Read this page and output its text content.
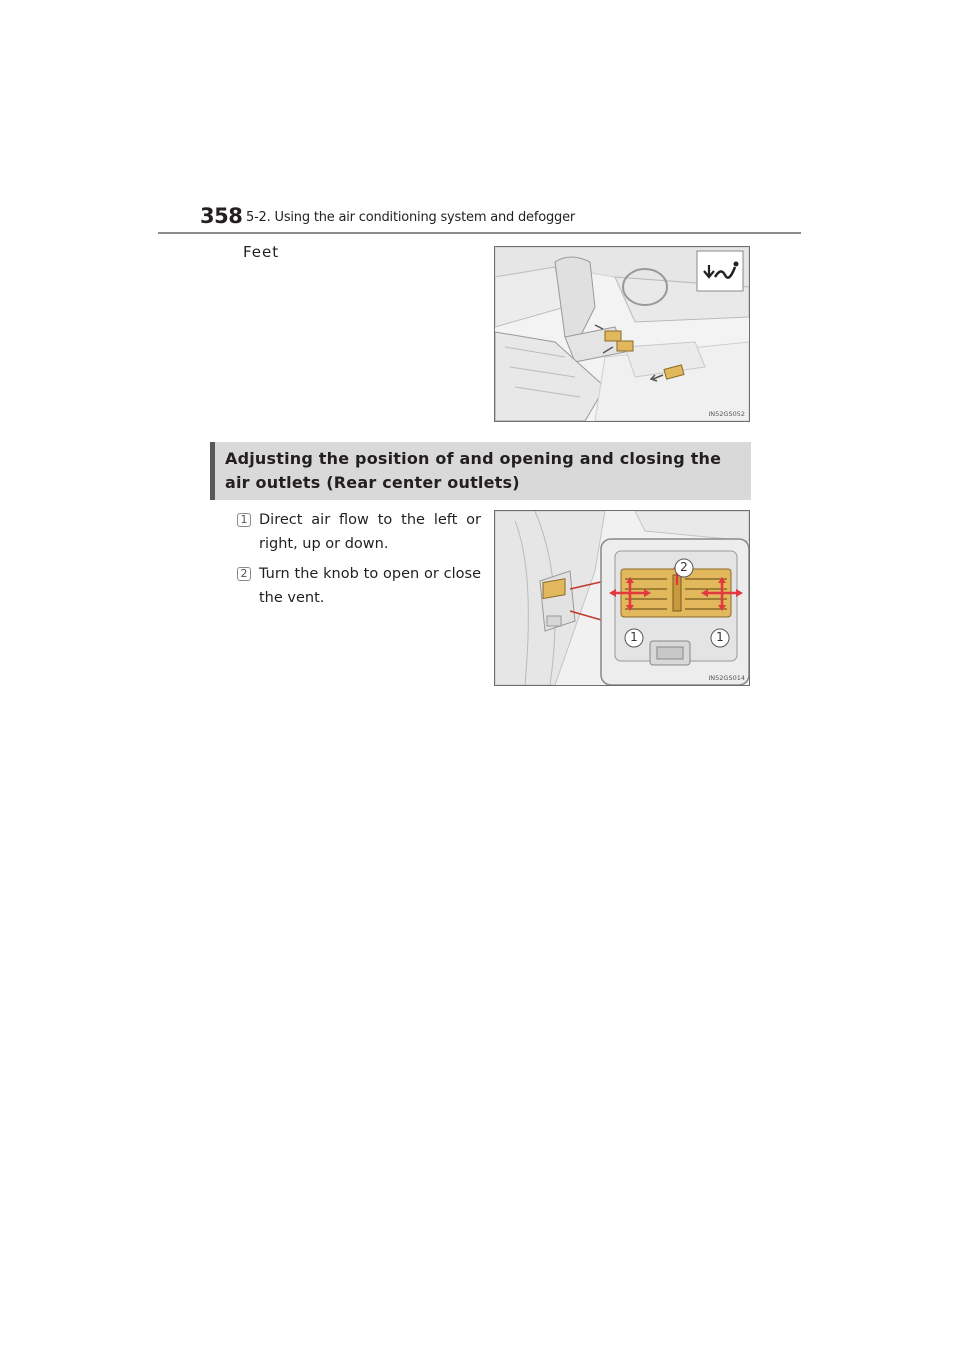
358 5-2. Using the air conditioning system and defogger
Feet
IN52GS052
Adjusting the position of and opening and closing the air outlets (Rear center outlets)
1 Direct air flow to the left or right, up or down.
2 Turn the knob to open or close the vent.
2
1	1
IN52GS014
